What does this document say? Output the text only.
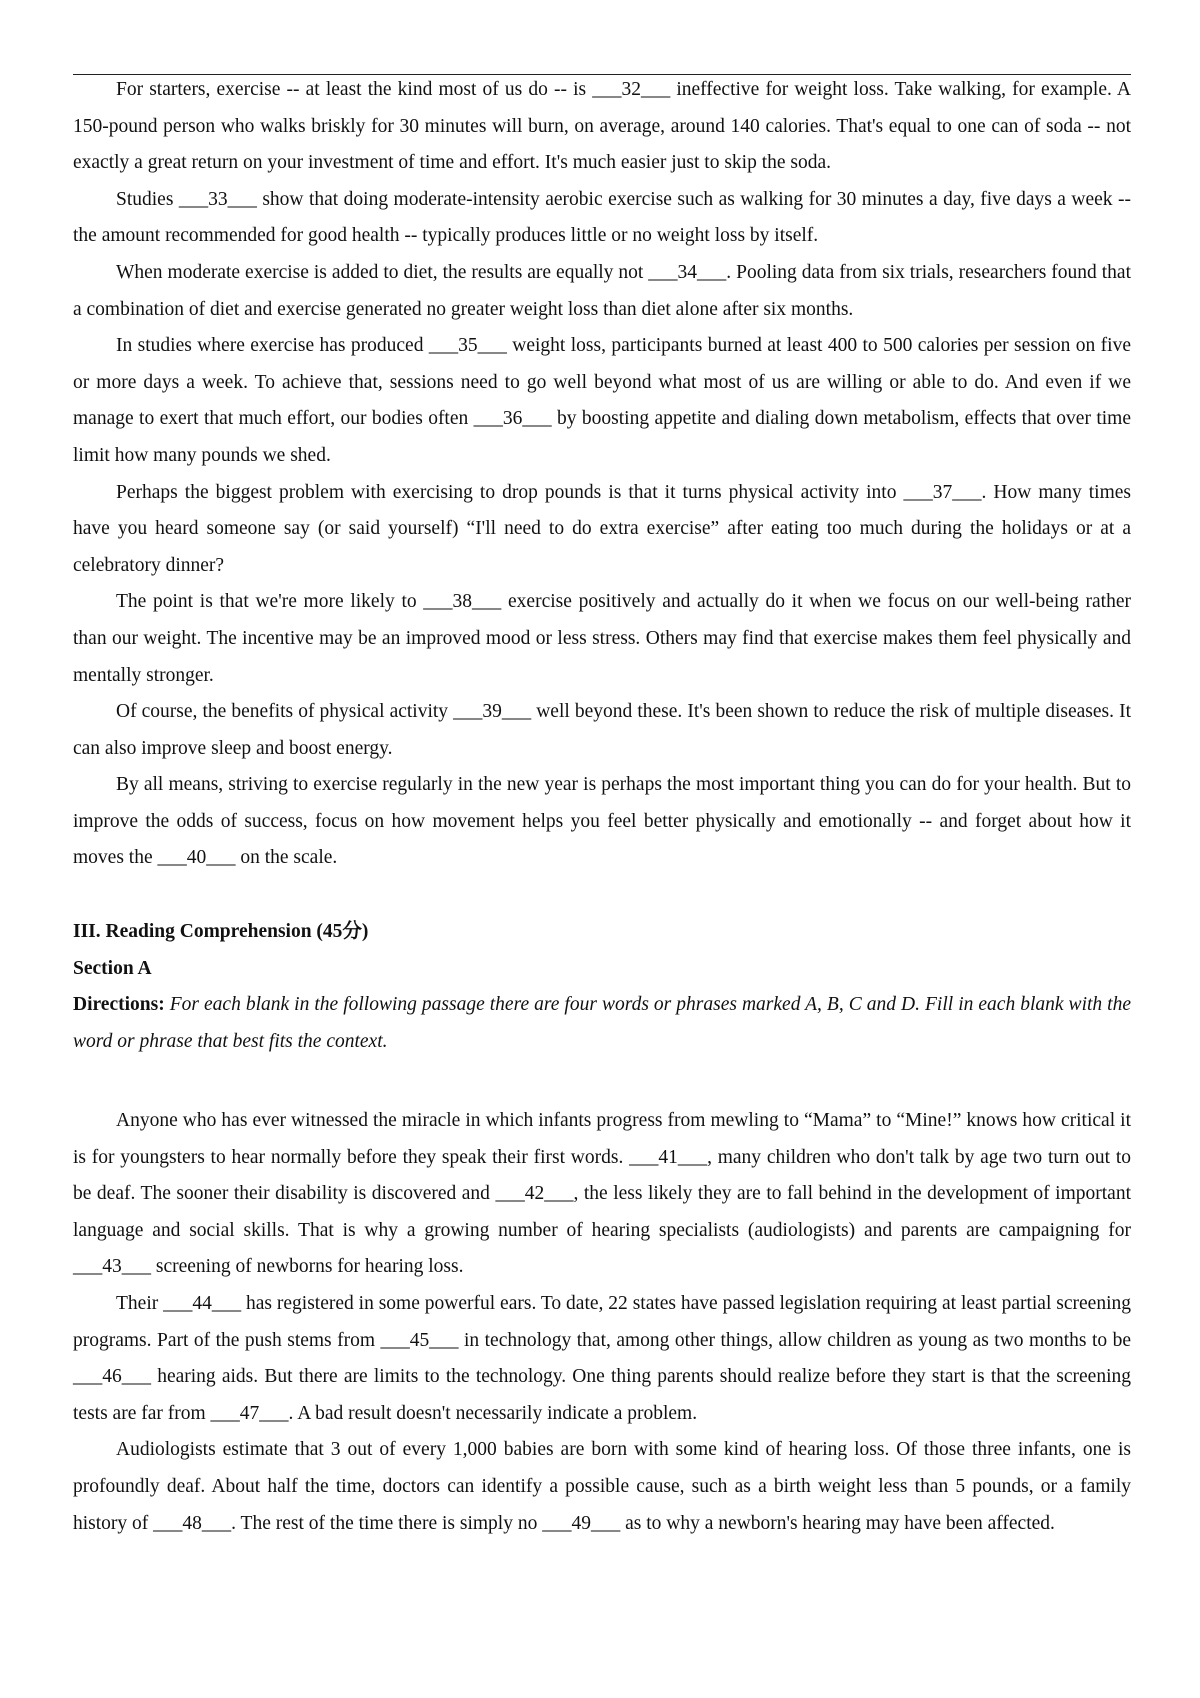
For starters, exercise -- at least the kind most of us do -- is ___32___ ineffective for weight loss. Take walking, for example. A 150-pound person who walks briskly for 30 minutes will burn, on average, around 140 calories. That's equal to one can of soda -- not exactly a great return on your investment of time and effort. It's much easier just to skip the soda.

Studies ___33___ show that doing moderate-intensity aerobic exercise such as walking for 30 minutes a day, five days a week -- the amount recommended for good health -- typically produces little or no weight loss by itself.

When moderate exercise is added to diet, the results are equally not ___34___. Pooling data from six trials, researchers found that a combination of diet and exercise generated no greater weight loss than diet alone after six months.

In studies where exercise has produced ___35___ weight loss, participants burned at least 400 to 500 calories per session on five or more days a week. To achieve that, sessions need to go well beyond what most of us are willing or able to do. And even if we manage to exert that much effort, our bodies often ___36___ by boosting appetite and dialing down metabolism, effects that over time limit how many pounds we shed.

Perhaps the biggest problem with exercising to drop pounds is that it turns physical activity into ___37___. How many times have you heard someone say (or said yourself) “I'll need to do extra exercise” after eating too much during the holidays or at a celebratory dinner?

The point is that we're more likely to ___38___ exercise positively and actually do it when we focus on our well-being rather than our weight. The incentive may be an improved mood or less stress. Others may find that exercise makes them feel physically and mentally stronger.

Of course, the benefits of physical activity ___39___ well beyond these. It's been shown to reduce the risk of multiple diseases. It can also improve sleep and boost energy.

By all means, striving to exercise regularly in the new year is perhaps the most important thing you can do for your health. But to improve the odds of success, focus on how movement helps you feel better physically and emotionally -- and forget about how it moves the ___40___ on the scale.

III. Reading Comprehension (45分)
Section A

Directions: For each blank in the following passage there are four words or phrases marked A, B, C and D. Fill in each blank with the word or phrase that best fits the context.

Anyone who has ever witnessed the miracle in which infants progress from mewling to “Mama” to “Mine!” knows how critical it is for youngsters to hear normally before they speak their first words. ___41___, many children who don't talk by age two turn out to be deaf. The sooner their disability is discovered and ___42___, the less likely they are to fall behind in the development of important language and social skills. That is why a growing number of hearing specialists (audiologists) and parents are campaigning for ___43___ screening of newborns for hearing loss.

Their ___44___ has registered in some powerful ears. To date, 22 states have passed legislation requiring at least partial screening programs. Part of the push stems from ___45___ in technology that, among other things, allow children as young as two months to be ___46___ hearing aids. But there are limits to the technology. One thing parents should realize before they start is that the screening tests are far from ___47___. A bad result doesn't necessarily indicate a problem.

Audiologists estimate that 3 out of every 1,000 babies are born with some kind of hearing loss. Of those three infants, one is profoundly deaf. About half the time, doctors can identify a possible cause, such as a birth weight less than 5 pounds, or a family history of ___48___. The rest of the time there is simply no ___49___ as to why a newborn's hearing may have been affected.
